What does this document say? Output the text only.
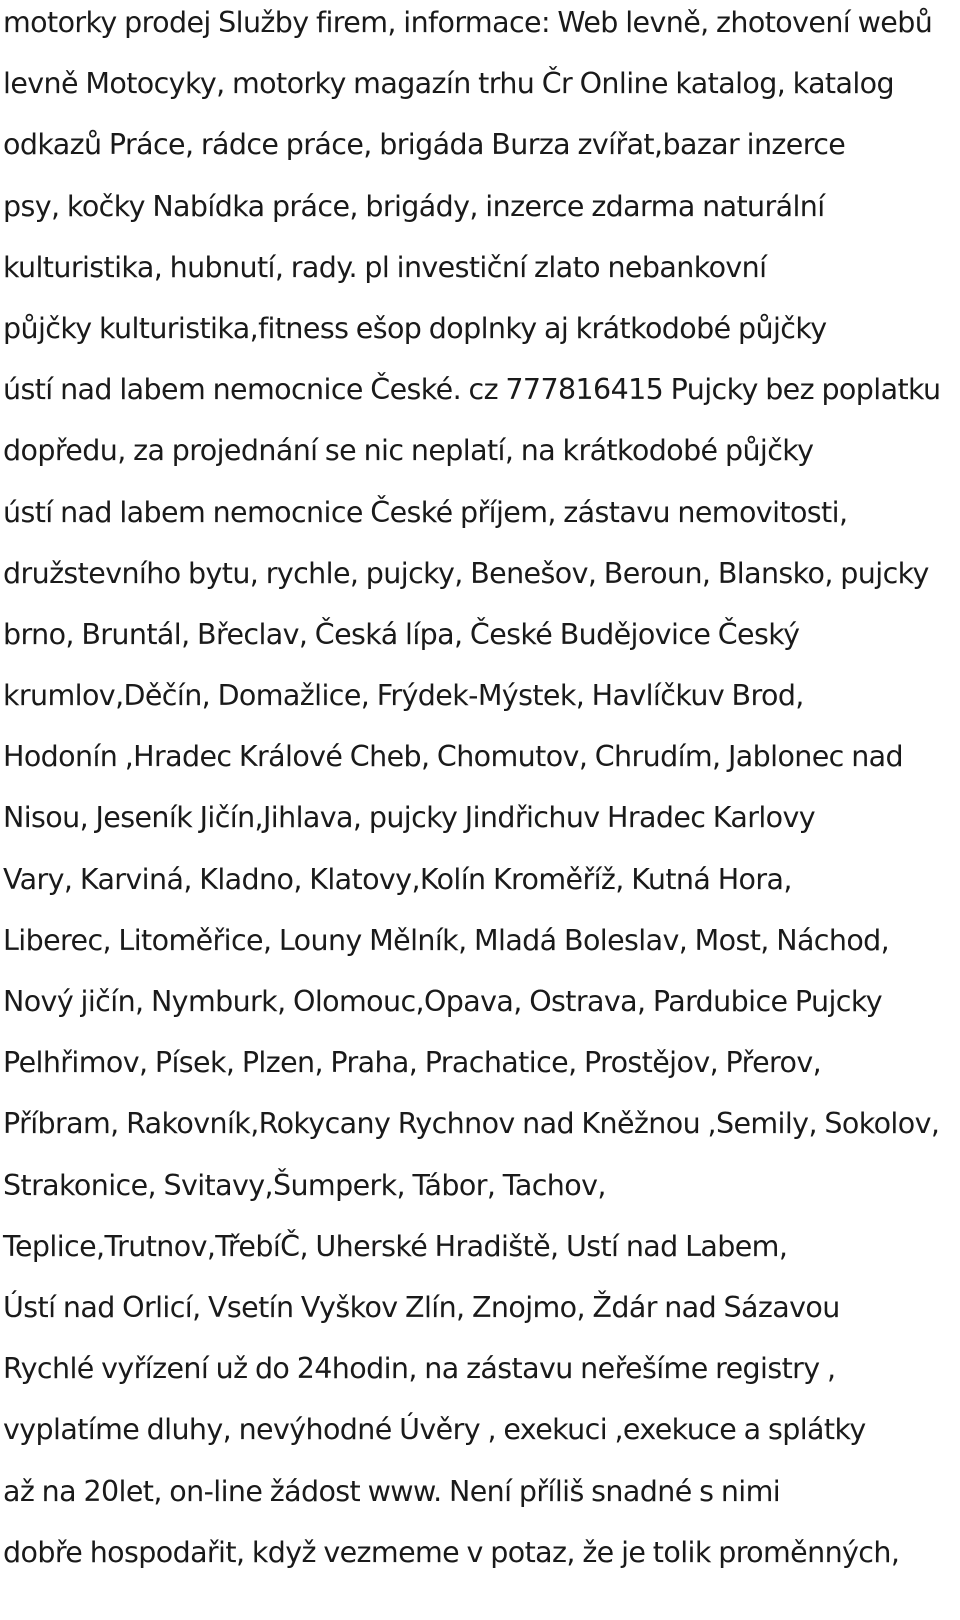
motorky prodej Služby firem, informace: Web levně, zhotovení webů
levně Motocyky, motorky magazín trhu Čr Online katalog, katalog
odkazů Práce, rádce práce, brigáda Burza zvířat,bazar inzerce
psy, kočky Nabídka práce, brigády, inzerce zdarma naturální
kulturistika, hubnutí, rady. pl investiční zlato nebankovní
půjčky kulturistika,fitness ešop doplnky aj krátkodobé půjčky
ústí nad labem nemocnice České. cz 777816415 Pujcky bez poplatku
dopředu, za projednání se nic neplatí, na krátkodobé půjčky
ústí nad labem nemocnice České příjem, zástavu nemovitosti,
družstevního bytu, rychle, pujcky, Benešov, Beroun, Blansko, pujcky
brno, Bruntál, Břeclav, Česká lípa, České Budějovice Český
krumlov,Děčín, Domažlice, Frýdek-Mýstek, Havlíčkuv Brod,
Hodonín ,Hradec Králové Cheb, Chomutov, Chrudím, Jablonec nad
Nisou, Jeseník Jičín,Jihlava, pujcky Jindřichuv Hradec Karlovy
Vary, Karviná, Kladno, Klatovy,Kolín Kroměříž, Kutná Hora,
Liberec, Litoměřice, Louny Mělník, Mladá Boleslav, Most, Náchod,
Nový jičín, Nymburk, Olomouc,Opava, Ostrava, Pardubice Pujcky
Pelhřimov, Písek, Plzen, Praha, Prachatice, Prostějov, Přerov,
Příbram, Rakovník,Rokycany Rychnov nad Kněžnou ,Semily, Sokolov,
Strakonice, Svitavy,Šumperk, Tábor, Tachov,
Teplice,Trutnov,TřebíČ, Uherské Hradiště, Ustí nad Labem,
Ústí nad Orlicí, Vsetín Vyškov Zlín, Znojmo, Ždár nad Sázavou
Rychlé vyřízení už do 24hodin, na zástavu neřešíme registry ,
vyplatíme dluhy, nevýhodné Úvěry , exekuci ,exekuce a splátky
až na 20let, on-line žádost www. Není příliš snadné s nimi
dobře hospodařit, když vezmeme v potaz, že je tolik proměnných,
